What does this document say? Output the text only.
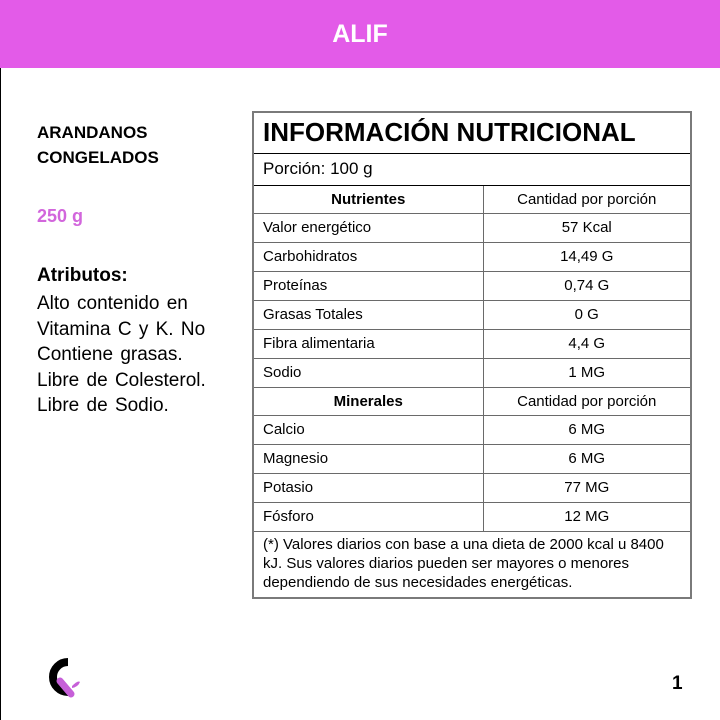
ALIF
ARANDANOS
CONGELADOS
250 g
Atributos:
Alto contenido en Vitamina C y K. No Contiene grasas. Libre de Colesterol. Libre de Sodio.
INFORMACIÓN NUTRICIONAL	
Porción: 100 g	
Nutrientes	Cantidad por porción
Valor energético	57 Kcal
Carbohidratos	14,49 G
Proteínas	0,74 G
Grasas Totales	0 G
Fibra alimentaria	4,4 G
Sodio	1 MG
Minerales	Cantidad por porción
Calcio	6 MG
Magnesio	6 MG
Potasio	77 MG
Fósforo	12 MG
(*) Valores diarios con base a una dieta de 2000 kcal u 8400 kJ. Sus valores diarios pueden ser mayores o menores dependiendo de sus necesidades energéticas.	
1
